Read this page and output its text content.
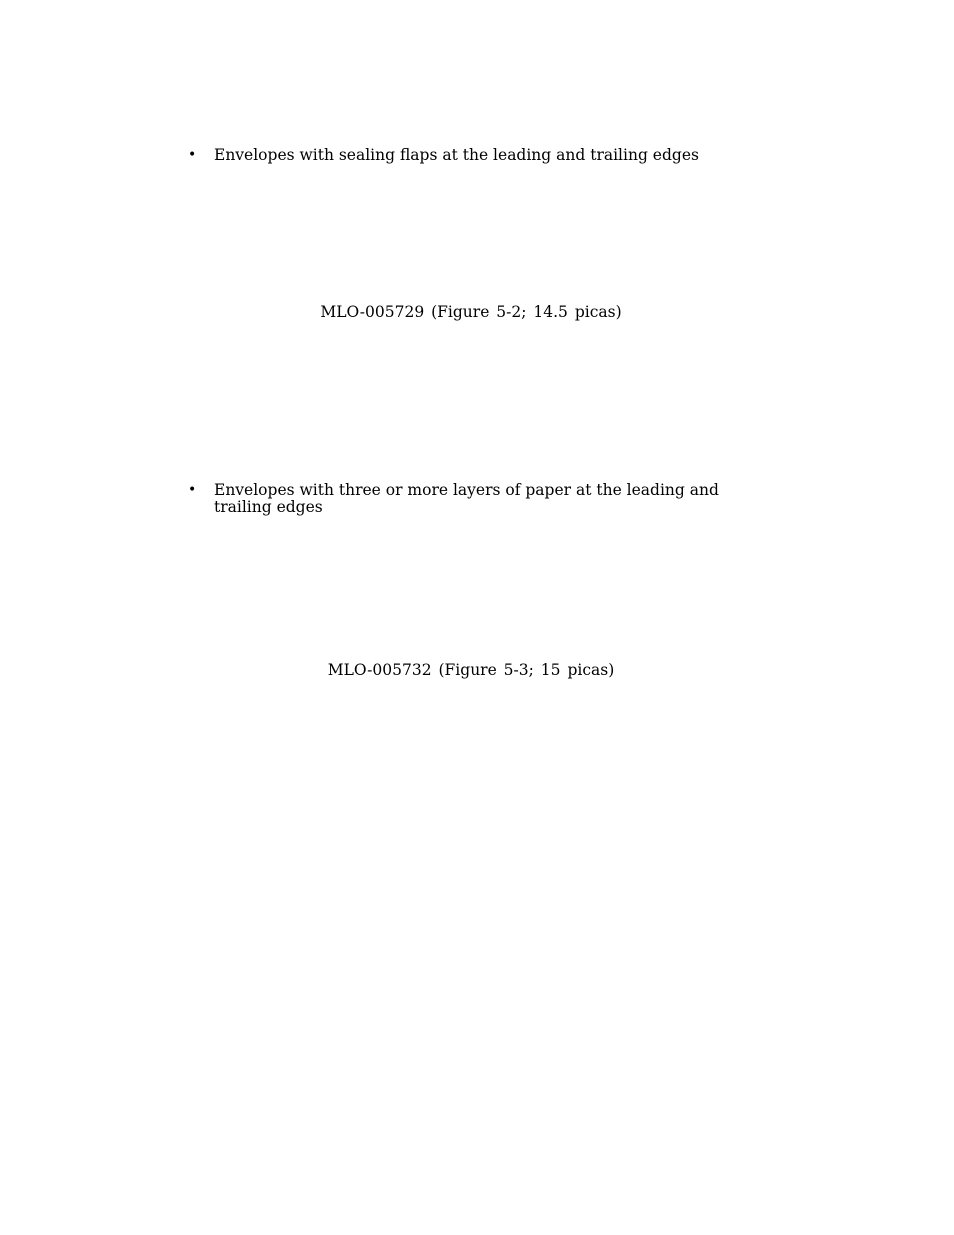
• Envelopes with sealing flaps at the leading and trailing edges
MLO-005729 (Figure 5-2; 14.5 picas)
• Envelopes with three or more layers of paper at the leading and trailing edges
MLO-005732 (Figure 5-3; 15 picas)
